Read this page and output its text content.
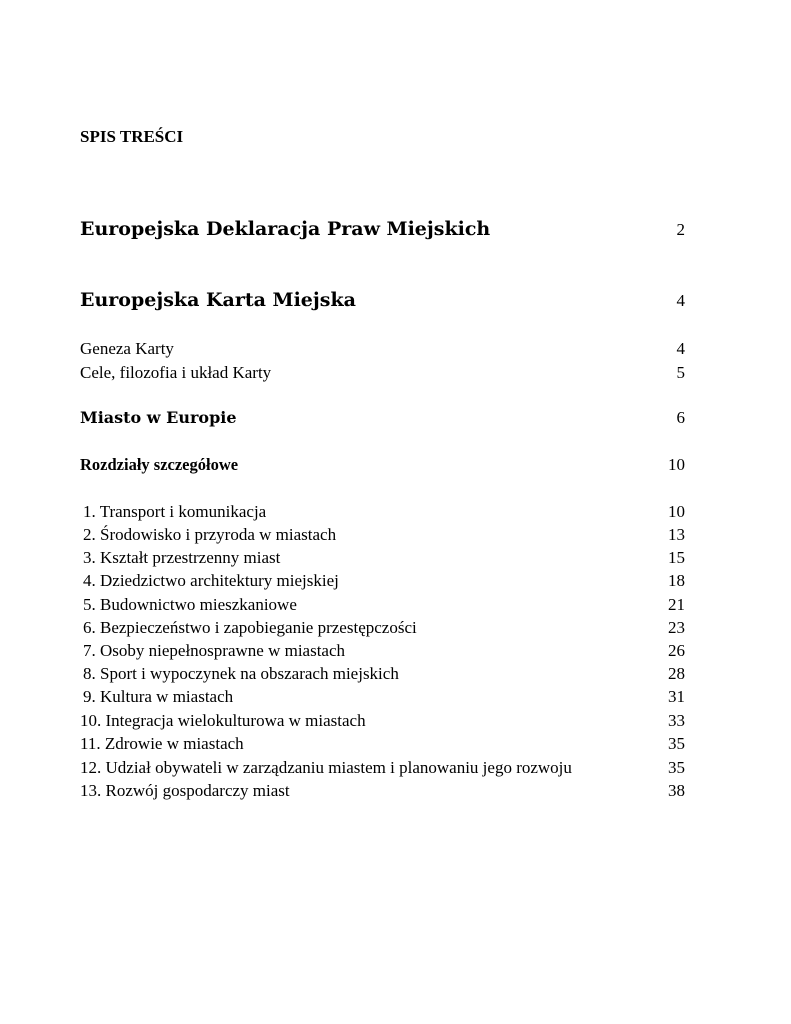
SPIS TREŚCI
Europejska Deklaracja Praw Miejskich	2
Europejska Karta Miejska	4
Geneza Karty	4
Cele, filozofia i układ Karty	5
Miasto w Europie	6
Rozdziały szczegółowe	10
1. Transport i komunikacja	10
2. Środowisko i przyroda w miastach	13
3. Kształt przestrzenny miast	15
4. Dziedzictwo architektury miejskiej	18
5. Budownictwo mieszkaniowe	21
6. Bezpieczeństwo i zapobieganie przestępczości	23
7. Osoby niepełnosprawne w miastach	26
8. Sport i wypoczynek na obszarach miejskich	28
9. Kultura w miastach	31
10. Integracja wielokulturowa w miastach	33
11. Zdrowie w miastach	35
12. Udział obywateli w zarządzaniu miastem i planowaniu jego rozwoju	35
13. Rozwój gospodarczy miast	38
